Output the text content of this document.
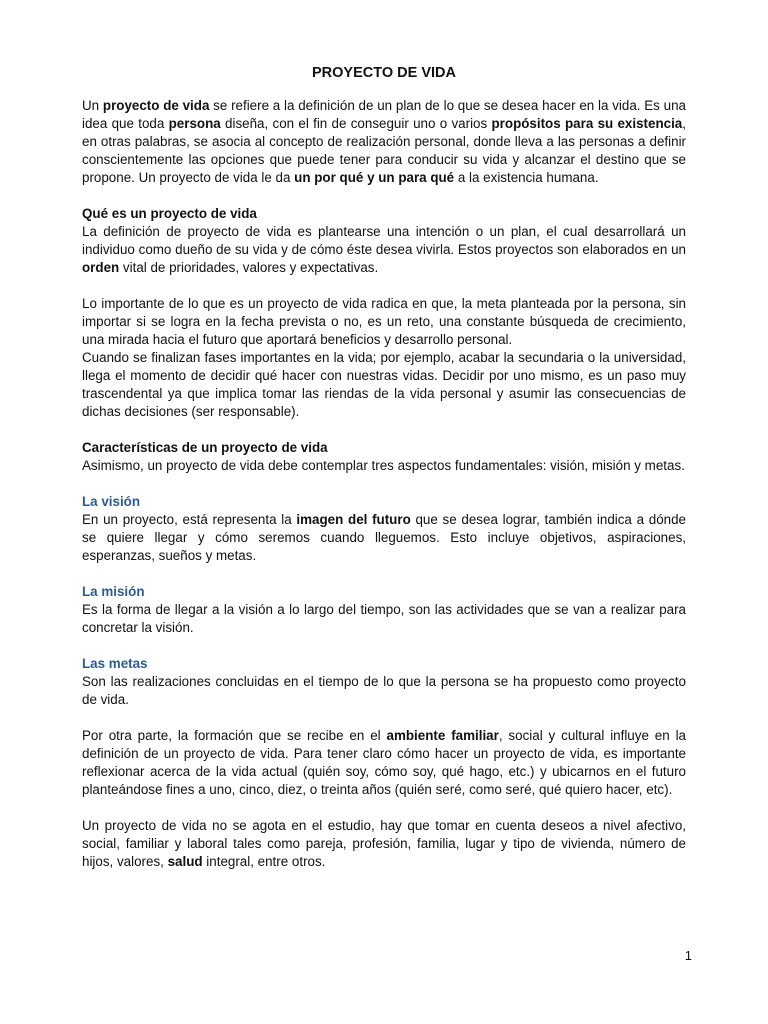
PROYECTO DE VIDA
Un proyecto de vida se refiere a la definición de un plan de lo que se desea hacer en la vida. Es una idea que toda persona diseña, con el fin de conseguir uno o varios propósitos para su existencia, en otras palabras, se asocia al concepto de realización personal, donde lleva a las personas a definir conscientemente las opciones que puede tener para conducir su vida y alcanzar el destino que se propone. Un proyecto de vida le da un por qué y un para qué a la existencia humana.
Qué es un proyecto de vida
La definición de proyecto de vida es plantearse una intención o un plan, el cual desarrollará un individuo como dueño de su vida y de cómo éste desea vivirla. Estos proyectos son elaborados en un orden vital de prioridades, valores y expectativas.
Lo importante de lo que es un proyecto de vida radica en que, la meta planteada por la persona, sin importar si se logra en la fecha prevista o no, es un reto, una constante búsqueda de crecimiento, una mirada hacia el futuro que aportará beneficios y desarrollo personal.
Cuando se finalizan fases importantes en la vida; por ejemplo, acabar la secundaria o la universidad, llega el momento de decidir qué hacer con nuestras vidas. Decidir por uno mismo, es un paso muy trascendental ya que implica tomar las riendas de la vida personal y asumir las consecuencias de dichas decisiones (ser responsable).
Características de un proyecto de vida
Asimismo, un proyecto de vida debe contemplar tres aspectos fundamentales: visión, misión y metas.
La visión
En un proyecto, está representa la imagen del futuro que se desea lograr, también indica a dónde se quiere llegar y cómo seremos cuando lleguemos. Esto incluye objetivos, aspiraciones, esperanzas, sueños y metas.
La misión
Es la forma de llegar a la visión a lo largo del tiempo, son las actividades que se van a realizar para concretar la visión.
Las metas
Son las realizaciones concluidas en el tiempo de lo que la persona se ha propuesto como proyecto de vida.
Por otra parte, la formación que se recibe en el ambiente familiar, social y cultural influye en la definición de un proyecto de vida. Para tener claro cómo hacer un proyecto de vida, es importante reflexionar acerca de la vida actual (quién soy, cómo soy, qué hago, etc.) y ubicarnos en el futuro planteándose fines a uno, cinco, diez, o treinta años (quién seré, como seré, qué quiero hacer, etc).
Un proyecto de vida no se agota en el estudio, hay que tomar en cuenta deseos a nivel afectivo, social, familiar y laboral tales como pareja, profesión, familia, lugar y tipo de vivienda, número de hijos, valores, salud integral, entre otros.
1
